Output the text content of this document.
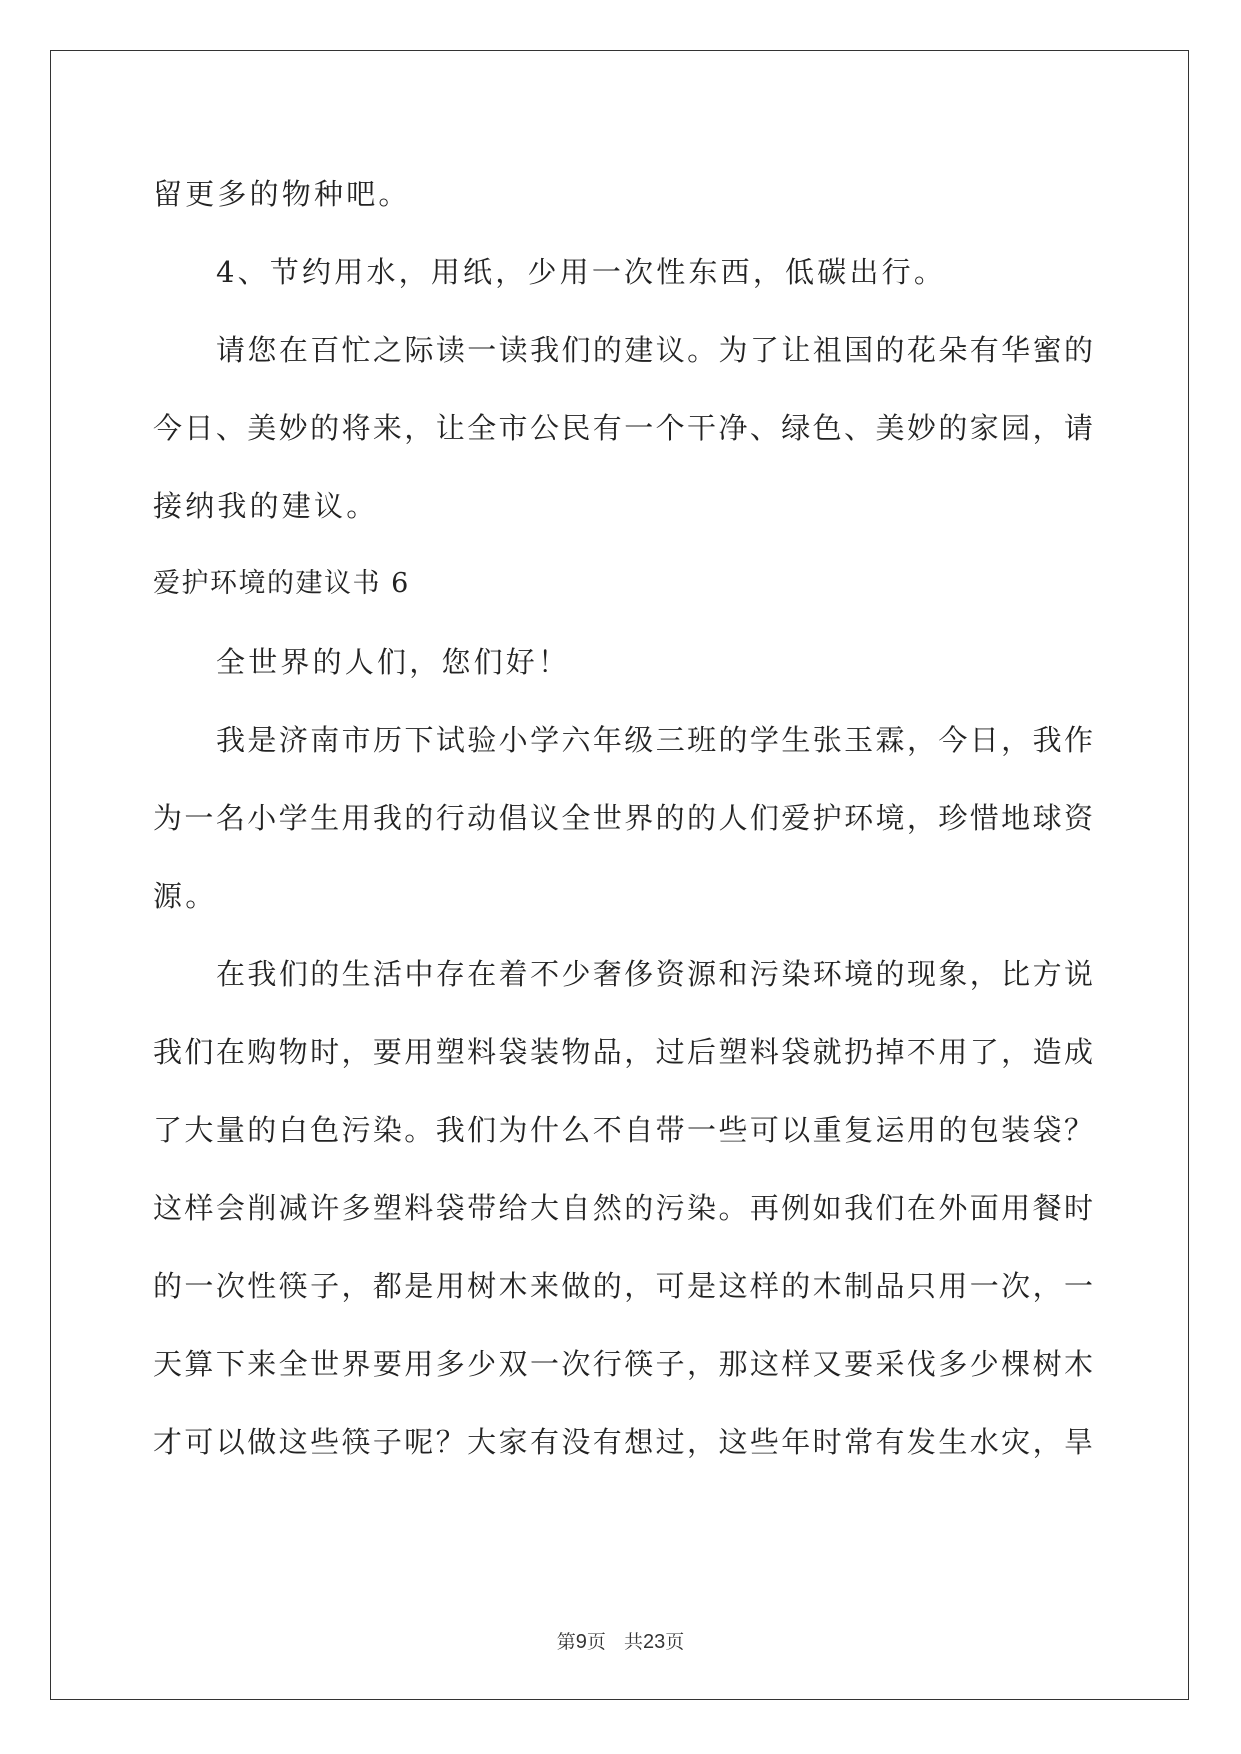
留更多的物种吧。
4、节约用水，用纸，少用一次性东西，低碳出行。
请您在百忙之际读一读我们的建议。为了让祖国的花朵有华蜜的
今日、美妙的将来，让全市公民有一个干净、绿色、美妙的家园，请
接纳我的建议。
爱护环境的建议书 6
全世界的人们，您们好！
我是济南市历下试验小学六年级三班的学生张玉霖，今日，我作
为一名小学生用我的行动倡议全世界的的人们爱护环境，珍惜地球资
源。
在我们的生活中存在着不少奢侈资源和污染环境的现象，比方说
我们在购物时，要用塑料袋装物品，过后塑料袋就扔掉不用了，造成
了大量的白色污染。我们为什么不自带一些可以重复运用的包装袋？
这样会削减许多塑料袋带给大自然的污染。再例如我们在外面用餐时
的一次性筷子，都是用树木来做的，可是这样的木制品只用一次，一
天算下来全世界要用多少双一次行筷子，那这样又要采伐多少棵树木
才可以做这些筷子呢？大家有没有想过，这些年时常有发生水灾，旱
第9页 共23页
